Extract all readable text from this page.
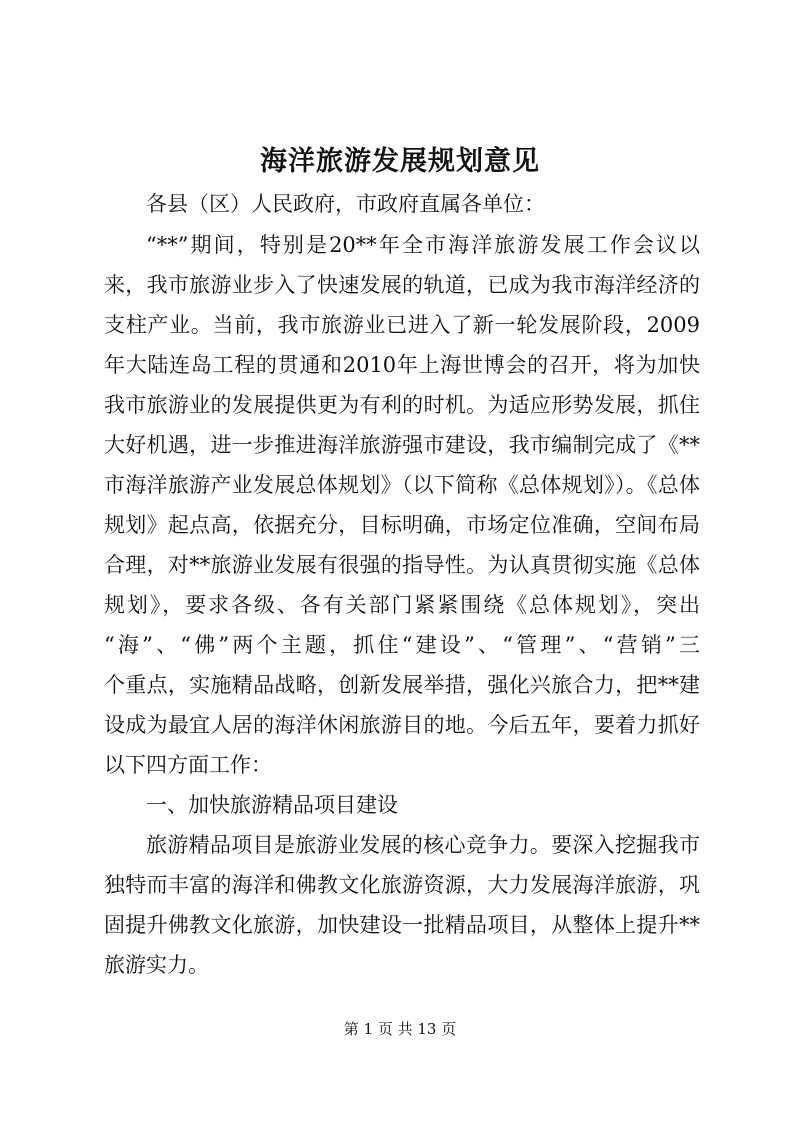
海洋旅游发展规划意见
各县（区）人民政府，市政府直属各单位：
“**”期间，特别是20**年全市海洋旅游发展工作会议以
来，我市旅游业步入了快速发展的轨道，已成为我市海洋经济的
支柱产业。当前，我市旅游业已进入了新一轮发展阶段，2009
年大陆连岛工程的贯通和2010年上海世博会的召开，将为加快
我市旅游业的发展提供更为有利的时机。为适应形势发展，抓住
大好机遇，进一步推进海洋旅游强市建设，我市编制完成了《**
市海洋旅游产业发展总体规划》（以下简称《总体规划》）。《总体
规划》起点高，依据充分，目标明确，市场定位准确，空间布局
合理，对**旅游业发展有很强的指导性。为认真贯彻实施《总体
规划》，要求各级、各有关部门紧紧围绕《总体规划》，突出
“海”、“佛”两个主题，抓住“建设”、“管理”、“营销”三
个重点，实施精品战略，创新发展举措，强化兴旅合力，把**建
设成为最宜人居的海洋休闲旅游目的地。今后五年，要着力抓好
以下四方面工作：
一、加快旅游精品项目建设
旅游精品项目是旅游业发展的核心竞争力。要深入挖掘我市
独特而丰富的海洋和佛教文化旅游资源，大力发展海洋旅游，巩
固提升佛教文化旅游，加快建设一批精品项目，从整体上提升**
旅游实力。
第 1 页 共 13 页
